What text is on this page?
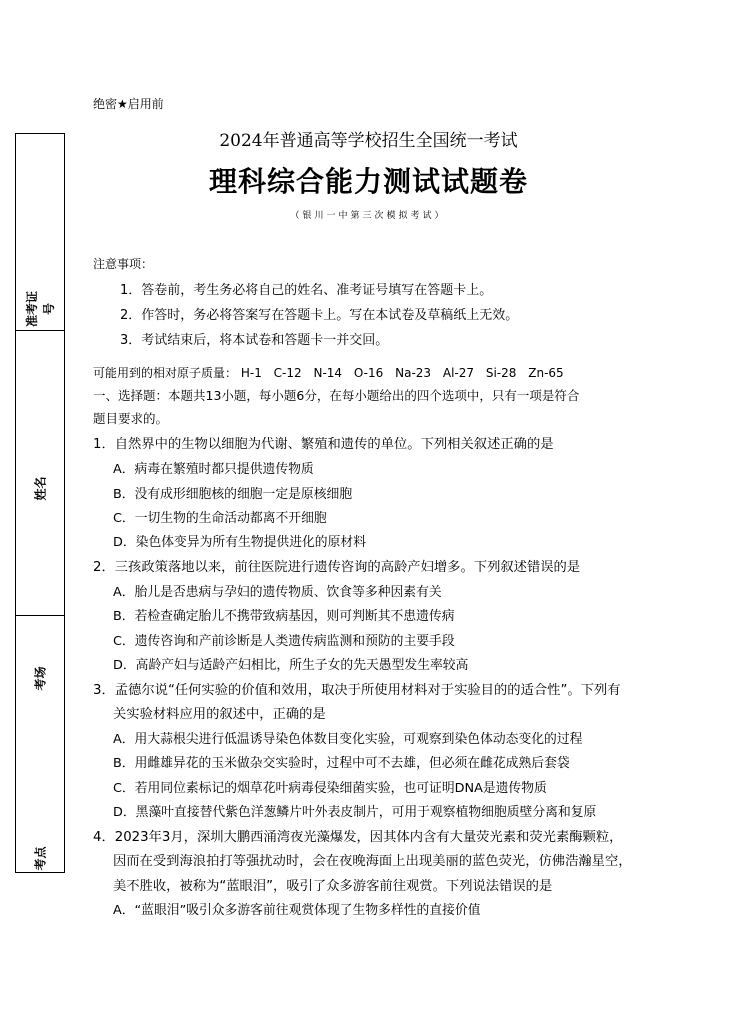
准考证号
姓名
考场
考点
绝密★启用前
2024年普通高等学校招生全国统一考试
理科综合能力测试试题卷
（银川一中第三次模拟考试）
注意事项：
1．答卷前，考生务必将自己的姓名、准考证号填写在答题卡上。
2．作答时，务必将答案写在答题卡上。写在本试卷及草稿纸上无效。
3．考试结束后，将本试卷和答题卡一并交回。
可能用到的相对原子质量： H-1 C-12 N-14 O-16 Na-23 Al-27 Si-28 Zn-65
一、选择题：本题共13小题，每小题6分，在每小题给出的四个选项中，只有一项是符合
题目要求的。
1．自然界中的生物以细胞为代谢、繁殖和遗传的单位。下列相关叙述正确的是
A．病毒在繁殖时都只提供遗传物质
B．没有成形细胞核的细胞一定是原核细胞
C．一切生物的生命活动都离不开细胞
D．染色体变异为所有生物提供进化的原材料
2．三孩政策落地以来，前往医院进行遗传咨询的高龄产妇增多。下列叙述错误的是
A．胎儿是否患病与孕妇的遗传物质、饮食等多种因素有关
B．若检查确定胎儿不携带致病基因，则可判断其不患遗传病
C．遗传咨询和产前诊断是人类遗传病监测和预防的主要手段
D．高龄产妇与适龄产妇相比，所生子女的先天愚型发生率较高
3．孟德尔说“任何实验的价值和效用，取决于所使用材料对于实验目的的适合性”。下列有
关实验材料应用的叙述中，正确的是
A．用大蒜根尖进行低温诱导染色体数目变化实验，可观察到染色体动态变化的过程
B．用雌雄异花的玉米做杂交实验时，过程中可不去雄，但必须在雌花成熟后套袋
C．若用同位素标记的烟草花叶病毒侵染细菌实验，也可证明DNA是遗传物质
D．黑藻叶直接替代紫色洋葱鳞片叶外表皮制片，可用于观察植物细胞质壁分离和复原
4．2023年3月，深圳大鹏西涌湾夜光藻爆发，因其体内含有大量荧光素和荧光素酶颗粒，
因而在受到海浪拍打等强扰动时，会在夜晚海面上出现美丽的蓝色荧光，仿佛浩瀚星空，
美不胜收，被称为“蓝眼泪”，吸引了众多游客前往观赏。下列说法错误的是
A．“蓝眼泪”吸引众多游客前往观赏体现了生物多样性的直接价值
